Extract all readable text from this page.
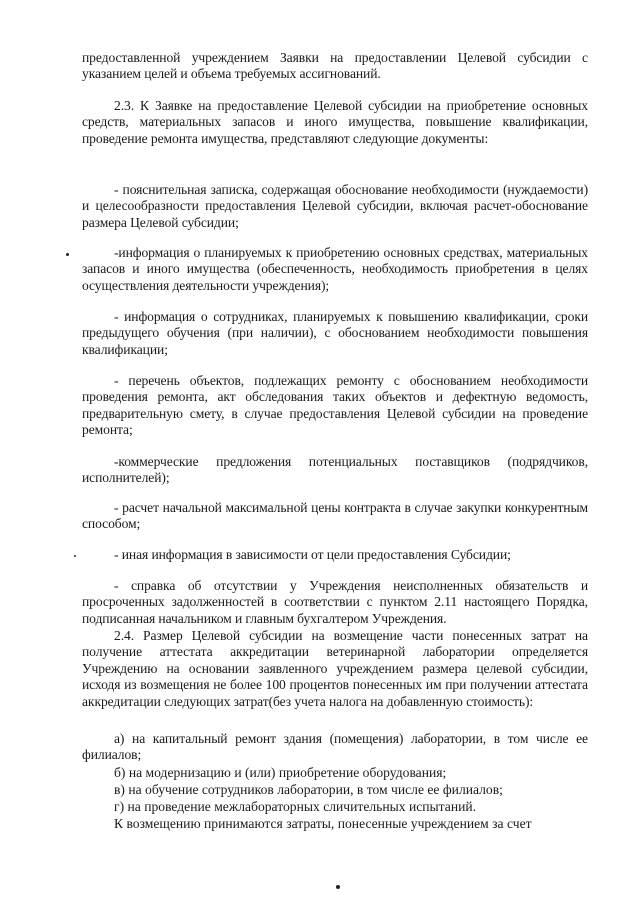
предоставленной учреждением Заявки на предоставлении Целевой субсидии с указанием целей и объема требуемых ассигнований.
2.3. К Заявке на предоставление Целевой субсидии на приобретение основных средств, материальных запасов и иного имущества, повышение квалификации, проведение ремонта имущества, представляют следующие документы:
- пояснительная записка, содержащая обоснование необходимости (нуждаемости) и целесообразности предоставления Целевой субсидии, включая расчет-обоснование размера Целевой субсидии;
-информация о планируемых к приобретению основных средствах, материальных запасов и иного имущества (обеспеченность, необходимость приобретения в целях осуществления деятельности учреждения);
- информация о сотрудниках, планируемых к повышению квалификации, сроки предыдущего обучения (при наличии), с обоснованием необходимости повышения квалификации;
- перечень объектов, подлежащих ремонту с обоснованием необходимости проведения ремонта, акт обследования таких объектов и дефектную ведомость, предварительную смету, в случае предоставления Целевой субсидии на проведение ремонта;
-коммерческие предложения потенциальных поставщиков (подрядчиков, исполнителей);
- расчет начальной максимальной цены контракта в случае закупки конкурентным способом;
- иная информация в зависимости от цели предоставления Субсидии;
- справка об отсутствии у Учреждения неисполненных обязательств и просроченных задолженностей в соответствии с пунктом 2.11 настоящего Порядка, подписанная начальником и главным бухгалтером Учреждения.
2.4. Размер Целевой субсидии на возмещение части понесенных затрат на получение аттестата аккредитации ветеринарной лаборатории определяется Учреждению на основании заявленного учреждением размера целевой субсидии, исходя из возмещения не более 100 процентов понесенных им при получении аттестата аккредитации следующих затрат(без учета налога на добавленную стоимость):
а) на капитальный ремонт здания (помещения) лаборатории, в том числе ее филиалов;
б) на модернизацию и (или) приобретение оборудования;
в) на обучение сотрудников лаборатории, в том числе ее филиалов;
г) на проведение межлабораторных сличительных испытаний.
К возмещению принимаются затраты, понесенные учреждением за счет
